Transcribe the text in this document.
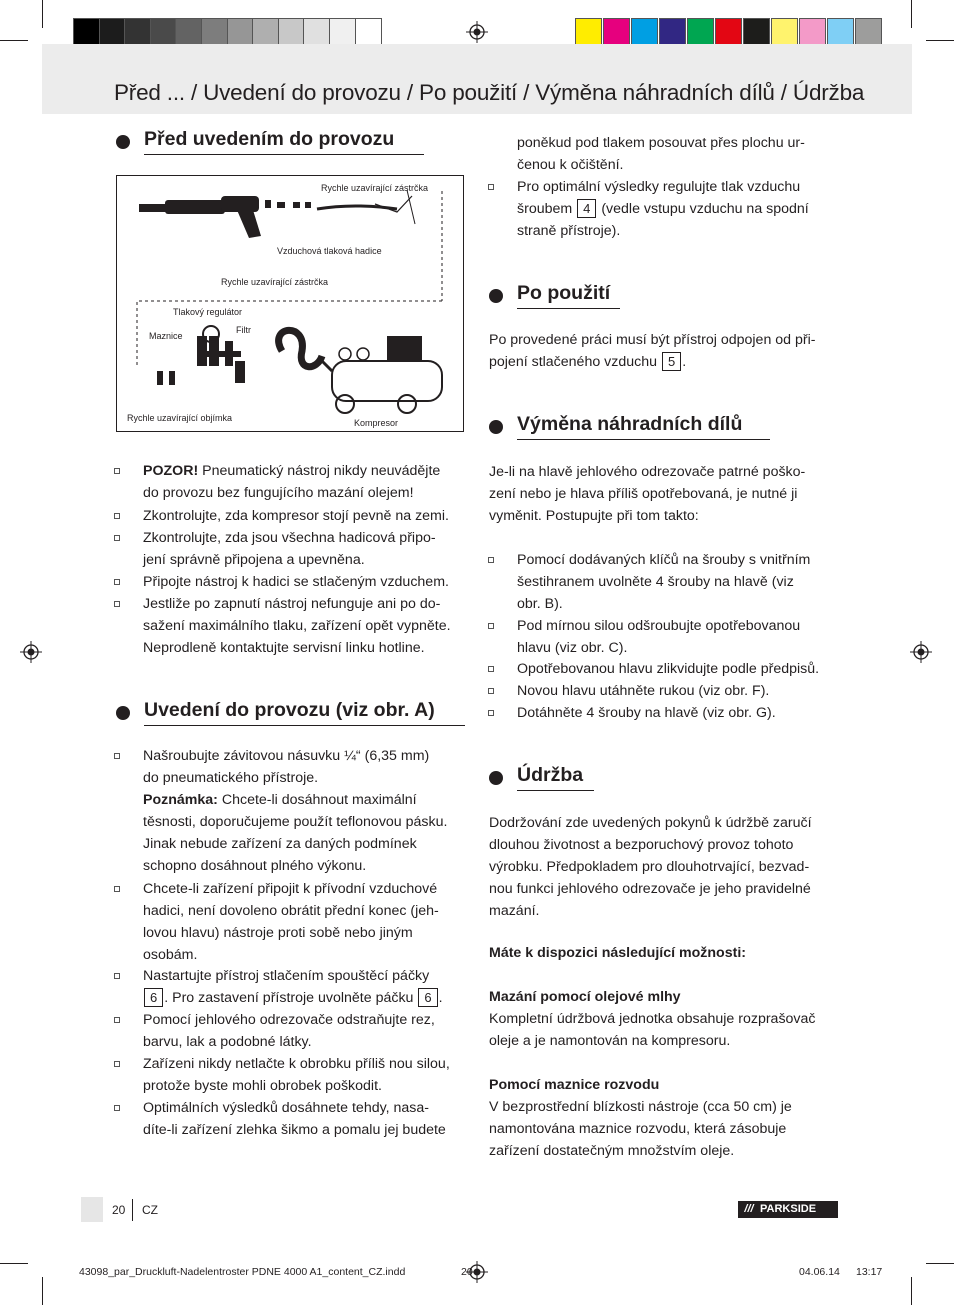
Před ... / Uvedení do provozu / Po použití / Výměna náhradních dílů / Údržba
Před uvedením do provozu
Rychle uzavírající zástrčka
Vzduchová tlaková hadice
Rychle uzavírající zástrčka
Tlakový regulátor
Maznice
Filtr
Rychle uzavírající objímka	Kompresor
POZOR! Pneumatický nástroj nikdy neuvádějte
do provozu bez fungujícího mazání olejem!
Zkontrolujte, zda kompresor stojí pevně na zemi.
Zkontrolujte, zda jsou všechna hadicová připo-
jení správně připojena a upevněna.
Připojte nástroj k hadici se stlačeným vzduchem.
Jestliže po zapnutí nástroj nefunguje ani po do-
sažení maximálního tlaku, zařízení opět vypněte.
Neprodleně kontaktujte servisní linku hotline.
Uvedení do provozu (viz obr. A)
Našroubujte závitovou násuvku ¼“ (6,35 mm)
do pneumatického přístroje.
Poznámka: Chcete-li dosáhnout maximální
těsnosti, doporučujeme použít teflonovou pásku.
Jinak nebude zařízení za daných podmínek
schopno dosáhnout plného výkonu.
Chcete-li zařízení připojit k přívodní vzduchové
hadici, není dovoleno obrátit přední konec (jeh-
lovou hlavu) nástroje proti sobě nebo jiným
osobám.
Nastartujte přístroj stlačením spouštěcí páčky
6 . Pro zastavení přístroje uvolněte páčku 6 .
Pomocí jehlového odrezovače odstraňujte rez,
barvu, lak a podobné látky.
Zařízeni nikdy netlačte k obrobku příliš nou silou,
protože byste mohli obrobek poškodit.
Optimálních výsledků dosáhnete tehdy, nasa-
díte-li zařízení zlehka šikmo a pomalu jej budete
poněkud pod tlakem posouvat přes plochu ur-
čenou k očištění.
Pro optimální výsledky regulujte tlak vzduchu
šroubem 4 (vedle vstupu vzduchu na spodní
straně přístroje).
Po použití
Po provedené práci musí být přístroj odpojen od při-
pojení stlačeného vzduchu 5 .
Výměna náhradních dílů
Je-li na hlavě jehlového odrezovače patrné poško-
zení nebo je hlava příliš opotřebovaná, je nutné ji
vyměnit. Postupujte při tom takto:
Pomocí dodávaných klíčů na šrouby s vnitřním
šestihranem uvolněte 4 šrouby na hlavě (viz
obr. B).
Pod mírnou silou odšroubujte opotřebovanou
hlavu (viz obr. C).
Opotřebovanou hlavu zlikvidujte podle předpisů.
Novou hlavu utáhněte rukou (viz obr. F).
Dotáhněte 4 šrouby na hlavě (viz obr. G).
Údržba
Dodržování zde uvedených pokynů k údržbě zaručí
dlouhou životnost a bezporuchový provoz tohoto
výrobku. Předpokladem pro dlouhotrvající, bezvad-
nou funkci jehlového odrezovače je jeho pravidelné
mazání.
Máte k dispozici následující možnosti:
Mazání pomocí olejové mlhy
Kompletní údržbová jednotka obsahuje rozprašovač
oleje a je namontován na kompresoru.
Pomocí maznice rozvodu
V bezprostřední blízkosti nástroje (cca 50 cm) je
namontována maznice rozvodu, která zásobuje
zařízení dostatečným množstvím oleje.
20 CZ	/// PARKSIDE
43098_par_Druckluft-Nadelentroster PDNE 4000 A1_content_CZ.indd	20	04.06.14 13:17
